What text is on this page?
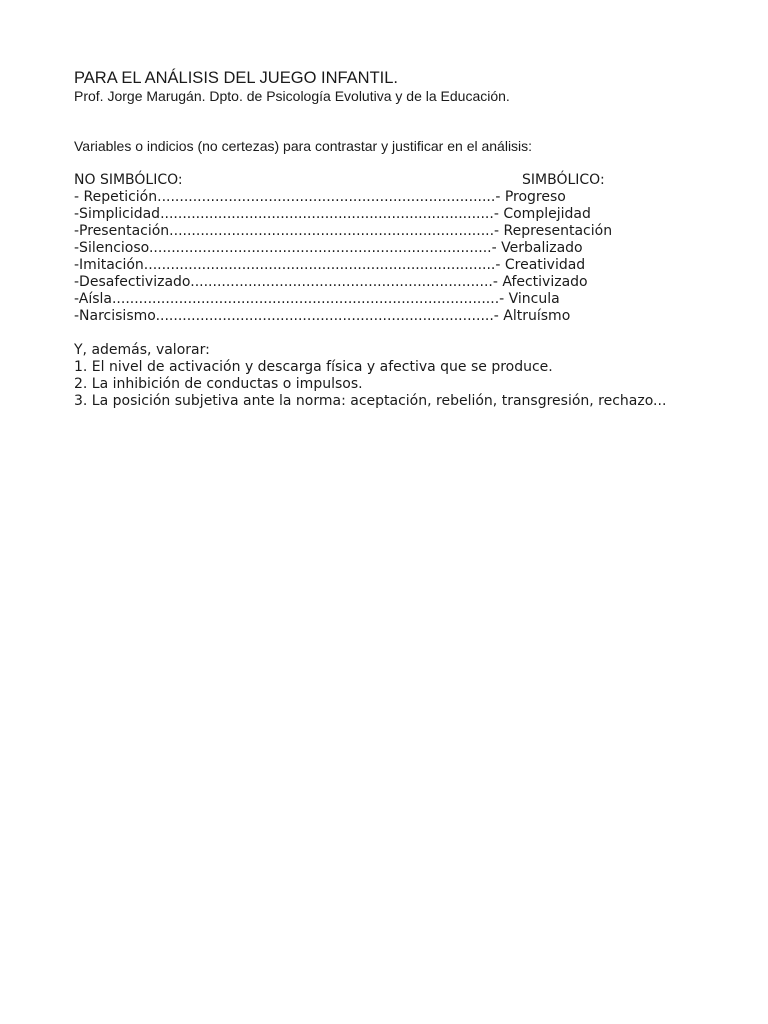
PARA EL ANÁLISIS DEL JUEGO INFANTIL.

Prof. Jorge Marugán. Dpto. de Psicología Evolutiva y de la Educación.

Variables o indicios (no certezas) para contrastar y justificar en el análisis:

NO SIMBÓLICO:	SIMBÓLICO:
- Repetición............................................................................- Progreso
-Simplicidad...........................................................................- Complejidad
-Presentación.........................................................................- Representación
-Silencioso.............................................................................- Verbalizado
-Imitación...............................................................................- Creatividad
-Desafectivizado....................................................................- Afectivizado
-Aísla.......................................................................................- Vincula
-Narcisismo............................................................................- Altruísmo

Y, además, valorar:

1. El nivel de activación y descarga física y afectiva que se produce.

2. La inhibición de conductas o impulsos.

3. La posición subjetiva ante la norma: aceptación, rebelión, transgresión, rechazo...
